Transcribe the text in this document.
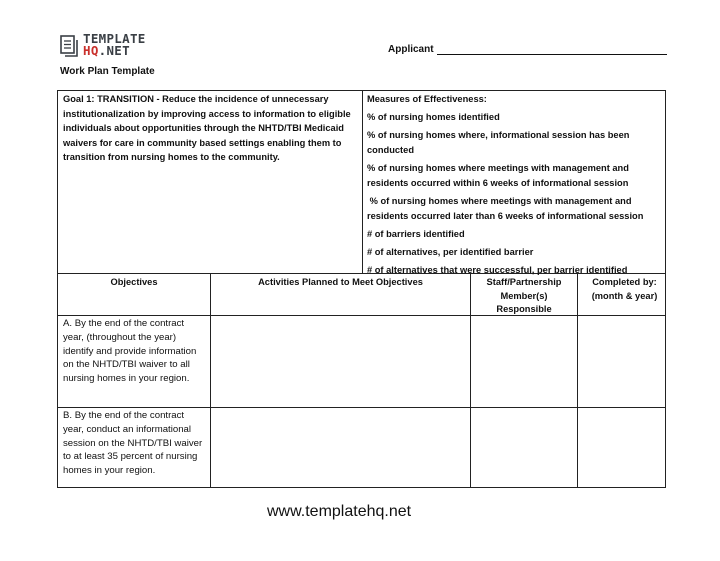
TEMPLATE
HQ.NET
Work Plan Template
Applicant
Goal 1: TRANSITION - Reduce the incidence of unnecessary institutionalization by improving access to information to eligible individuals about opportunities through the NHTD/TBI Medicaid waivers for care in community based settings enabling them to transition from nursing homes to the community.
Measures of Effectiveness:
% of nursing homes identified
% of nursing homes where, informational session has been conducted
% of nursing homes where meetings with management and residents occurred within 6 weeks of informational session
% of nursing homes where meetings with management and residents occurred later than 6 weeks of informational session
# of barriers identified
# of alternatives, per identified barrier
# of alternatives that were successful, per barrier identified
Objectives	Activities Planned to Meet Objectives	Staff/Partnership Member(s) Responsible
Completed by: (month & year)
A. By the end of the contract year, (throughout the year) identify and provide information on the NHTD/TBI waiver to all nursing homes in your region.
B. By the end of the contract year, conduct an informational session on the NHTD/TBI waiver to at least 35 percent of nursing homes in your region.
www.templatehq.net
